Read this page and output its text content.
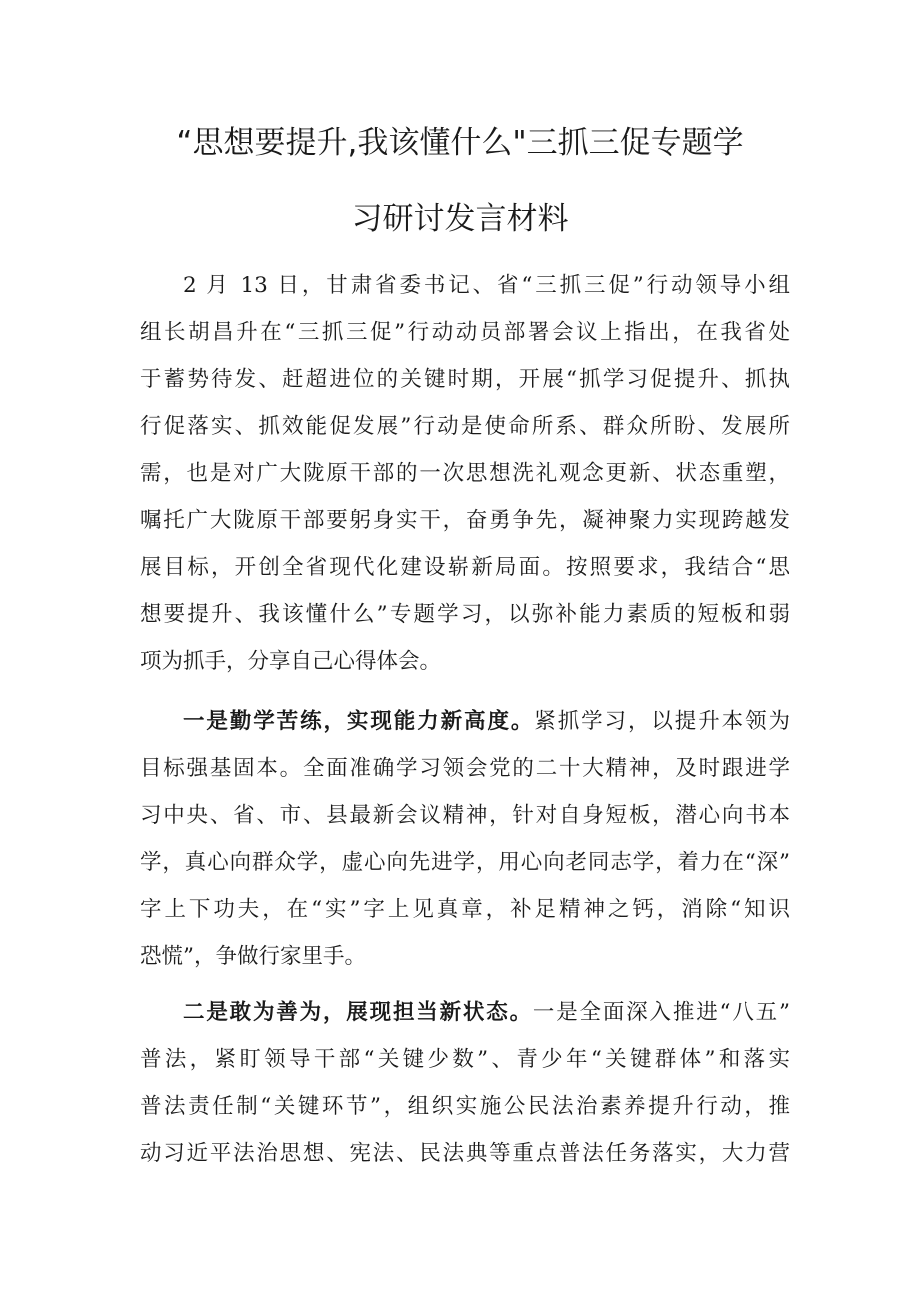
“思想要提升,我该懂什么"三抓三促专题学
习研讨发言材料
2 月 13 日，甘肃省委书记、省“三抓三促”行动领导小组
组长胡昌升在“三抓三促”行动动员部署会议上指出，在我省处
于蓄势待发、赶超进位的关键时期，开展“抓学习促提升、抓执
行促落实、抓效能促发展”行动是使命所系、群众所盼、发展所
需，也是对广大陇原干部的一次思想洗礼观念更新、状态重塑，
嘱托广大陇原干部要躬身实干，奋勇争先，凝神聚力实现跨越发
展目标，开创全省现代化建设崭新局面。按照要求，我结合“思
想要提升、我该懂什么”专题学习，以弥补能力素质的短板和弱
项为抓手，分享自己心得体会。
一是勤学苦练，实现能力新高度。紧抓学习，以提升本领为
目标强基固本。全面准确学习领会党的二十大精神，及时跟进学
习中央、省、市、县最新会议精神，针对自身短板，潜心向书本
学，真心向群众学，虚心向先进学，用心向老同志学，着力在“深”
字上下功夫，在“实”字上见真章，补足精神之钙，消除“知识
恐慌”，争做行家里手。
二是敢为善为，展现担当新状态。一是全面深入推进“八五”
普法，紧盯领导干部“关键少数”、青少年“关键群体”和落实
普法责任制“关键环节”，组织实施公民法治素养提升行动，推
动习近平法治思想、宪法、民法典等重点普法任务落实，大力营
